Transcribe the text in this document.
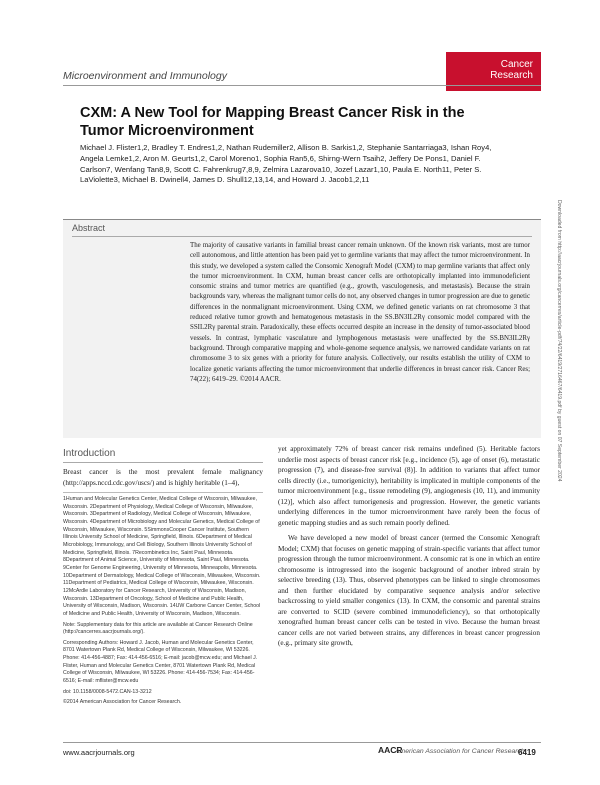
Cancer
Research
Microenvironment and Immunology
CXM: A New Tool for Mapping Breast Cancer Risk in the Tumor Microenvironment
Michael J. Flister1,2, Bradley T. Endres1,2, Nathan Rudemiller2, Allison B. Sarkis1,2, Stephanie Santarriaga3, Ishan Roy4, Angela Lemke1,2, Aron M. Geurts1,2, Carol Moreno1, Sophia Ran5,6, Shirng-Wern Tsaih2, Jeffery De Pons1, Daniel F. Carlson7, Wenfang Tan8,9, Scott C. Fahrenkrug7,8,9, Zelmira Lazarova10, Jozef Lazar1,10, Paula E. North11, Peter S. LaViolette3, Michael B. Dwinell4, James D. Shull12,13,14, and Howard J. Jacob1,2,11
Abstract
The majority of causative variants in familial breast cancer remain unknown. Of the known risk variants, most are tumor cell autonomous, and little attention has been paid yet to germline variants that may affect the tumor microenvironment. In this study, we developed a system called the Consomic Xenograft Model (CXM) to map germline variants that affect only the tumor microenvironment. In CXM, human breast cancer cells are orthotopically implanted into immunodeficient consomic strains and tumor metrics are quantified (e.g., growth, vasculogenesis, and metastasis). Because the strain backgrounds vary, whereas the malignant tumor cells do not, any observed changes in tumor progression are due to genetic differences in the nonmalignant microenvironment. Using CXM, we defined genetic variants on rat chromosome 3 that reduced relative tumor growth and hematogenous metastasis in the SS.BN3IL2Rγ consomic model compared with the SSIL2Rγ parental strain. Paradoxically, these effects occurred despite an increase in the density of tumor-associated blood vessels. In contrast, lymphatic vasculature and lymphogenous metastasis were unaffected by the SS.BN3IL2Rγ background. Through comparative mapping and whole-genome sequence analysis, we narrowed candidate variants on rat chromosome 3 to six genes with a priority for future analysis. Collectively, our results establish the utility of CXM to localize genetic variants affecting the tumor microenvironment that underlie differences in breast cancer risk. Cancer Res; 74(22); 6419–29. ©2014 AACR.
Introduction
Breast cancer is the most prevalent female malignancy (http://apps.nccd.cdc.gov/uscs/) and is highly heritable (1–4),

1Human and Molecular Genetics Center, Medical College of Wisconsin, Milwaukee, Wisconsin. 2Department of Physiology, Medical College of Wisconsin, Milwaukee, Wisconsin. 3Department of Radiology, Medical College of Wisconsin, Milwaukee, Wisconsin. 4Department of Microbiology and Molecular Genetics, Medical College of Wisconsin, Milwaukee, Wisconsin. 5SimmonsCooper Cancer Institute, Southern Illinois University School of Medicine, Springfield, Illinois. 6Department of Medical Microbiology, Immunology, and Cell Biology, Southern Illinois University School of Medicine, Springfield, Illinois. 7Recombinetics Inc, Saint Paul, Minnesota. 8Department of Animal Science, University of Minnesota, Saint Paul, Minnesota. 9Center for Genome Engineering, University of Minnesota, Minneapolis, Minnesota. 10Department of Dermatology, Medical College of Wisconsin, Milwaukee, Wisconsin. 11Department of Pediatrics, Medical College of Wisconsin, Milwaukee, Wisconsin. 12McArdle Laboratory for Cancer Research, University of Wisconsin, Madison, Wisconsin. 13Department of Oncology, School of Medicine and Public Health, University of Wisconsin, Madison, Wisconsin. 14UW Carbone Cancer Center, School of Medicine and Public Health, University of Wisconsin, Madison, Wisconsin.

Note: Supplementary data for this article are available at Cancer Research Online (http://cancerres.aacrjournals.org/).

Corresponding Authors: Howard J. Jacob, Human and Molecular Genetics Center, 8701 Watertown Plank Rd, Medical College of Wisconsin, Milwaukee, WI 53226. Phone: 414-456-4887; Fax: 414-456-6516; E-mail: jacob@mcw.edu; and Michael J. Flister, Human and Molecular Genetics Center, 8701 Watertown Plank Rd, Medical College of Wisconsin, Milwaukee, WI 53226. Phone: 414-456-7534; Fax: 414-456-6516; E-mail: mflister@mcw.edu

doi: 10.1158/0008-5472.CAN-13-3212

©2014 American Association for Cancer Research.

yet approximately 72% of breast cancer risk remains undefined (5). Heritable factors underlie most aspects of breast cancer risk [e.g., incidence (5), age of onset (6), metastatic progression (7), and disease-free survival (8)]. In addition to variants that affect tumor cells directly (i.e., tumorigenicity), heritability is implicated in multiple components of the tumor microenvironment [e.g., tissue remodeling (9), angiogenesis (10, 11), and immunity (12)], which also affect tumorigenesis and progression. However, the genetic variants underlying differences in the tumor microenvironment have rarely been the focus of genetic mapping studies and as such remain poorly defined.

We have developed a new model of breast cancer (termed the Consomic Xenograft Model; CXM) that focuses on genetic mapping of strain-specific variants that affect tumor progression through the tumor microenvironment. A consomic rat is one in which an entire chromosome is introgressed into the isogenic background of another inbred strain by selective breeding (13). Thus, observed phenotypes can be linked to single chromosomes and then further elucidated by comparative sequence analysis and/or selective backcrossing to yield smaller congenics (13). In CXM, the consomic and parental strains are converted to SCID (severe combined immunodeficiency), so that orthotopically xenografted human breast cancer cells can be tested in vivo. Because the human breast cancer cells are not varied between strains, any differences in breast cancer progression (e.g., primary site growth,

Downloaded from http://aacrjournals.org/cancerres/article-pdf/74/22/6419/2716467/6419.pdf by guest on 07 September 2024
www.aacrjournals.org	AACR
American Association for Cancer Research
6419
